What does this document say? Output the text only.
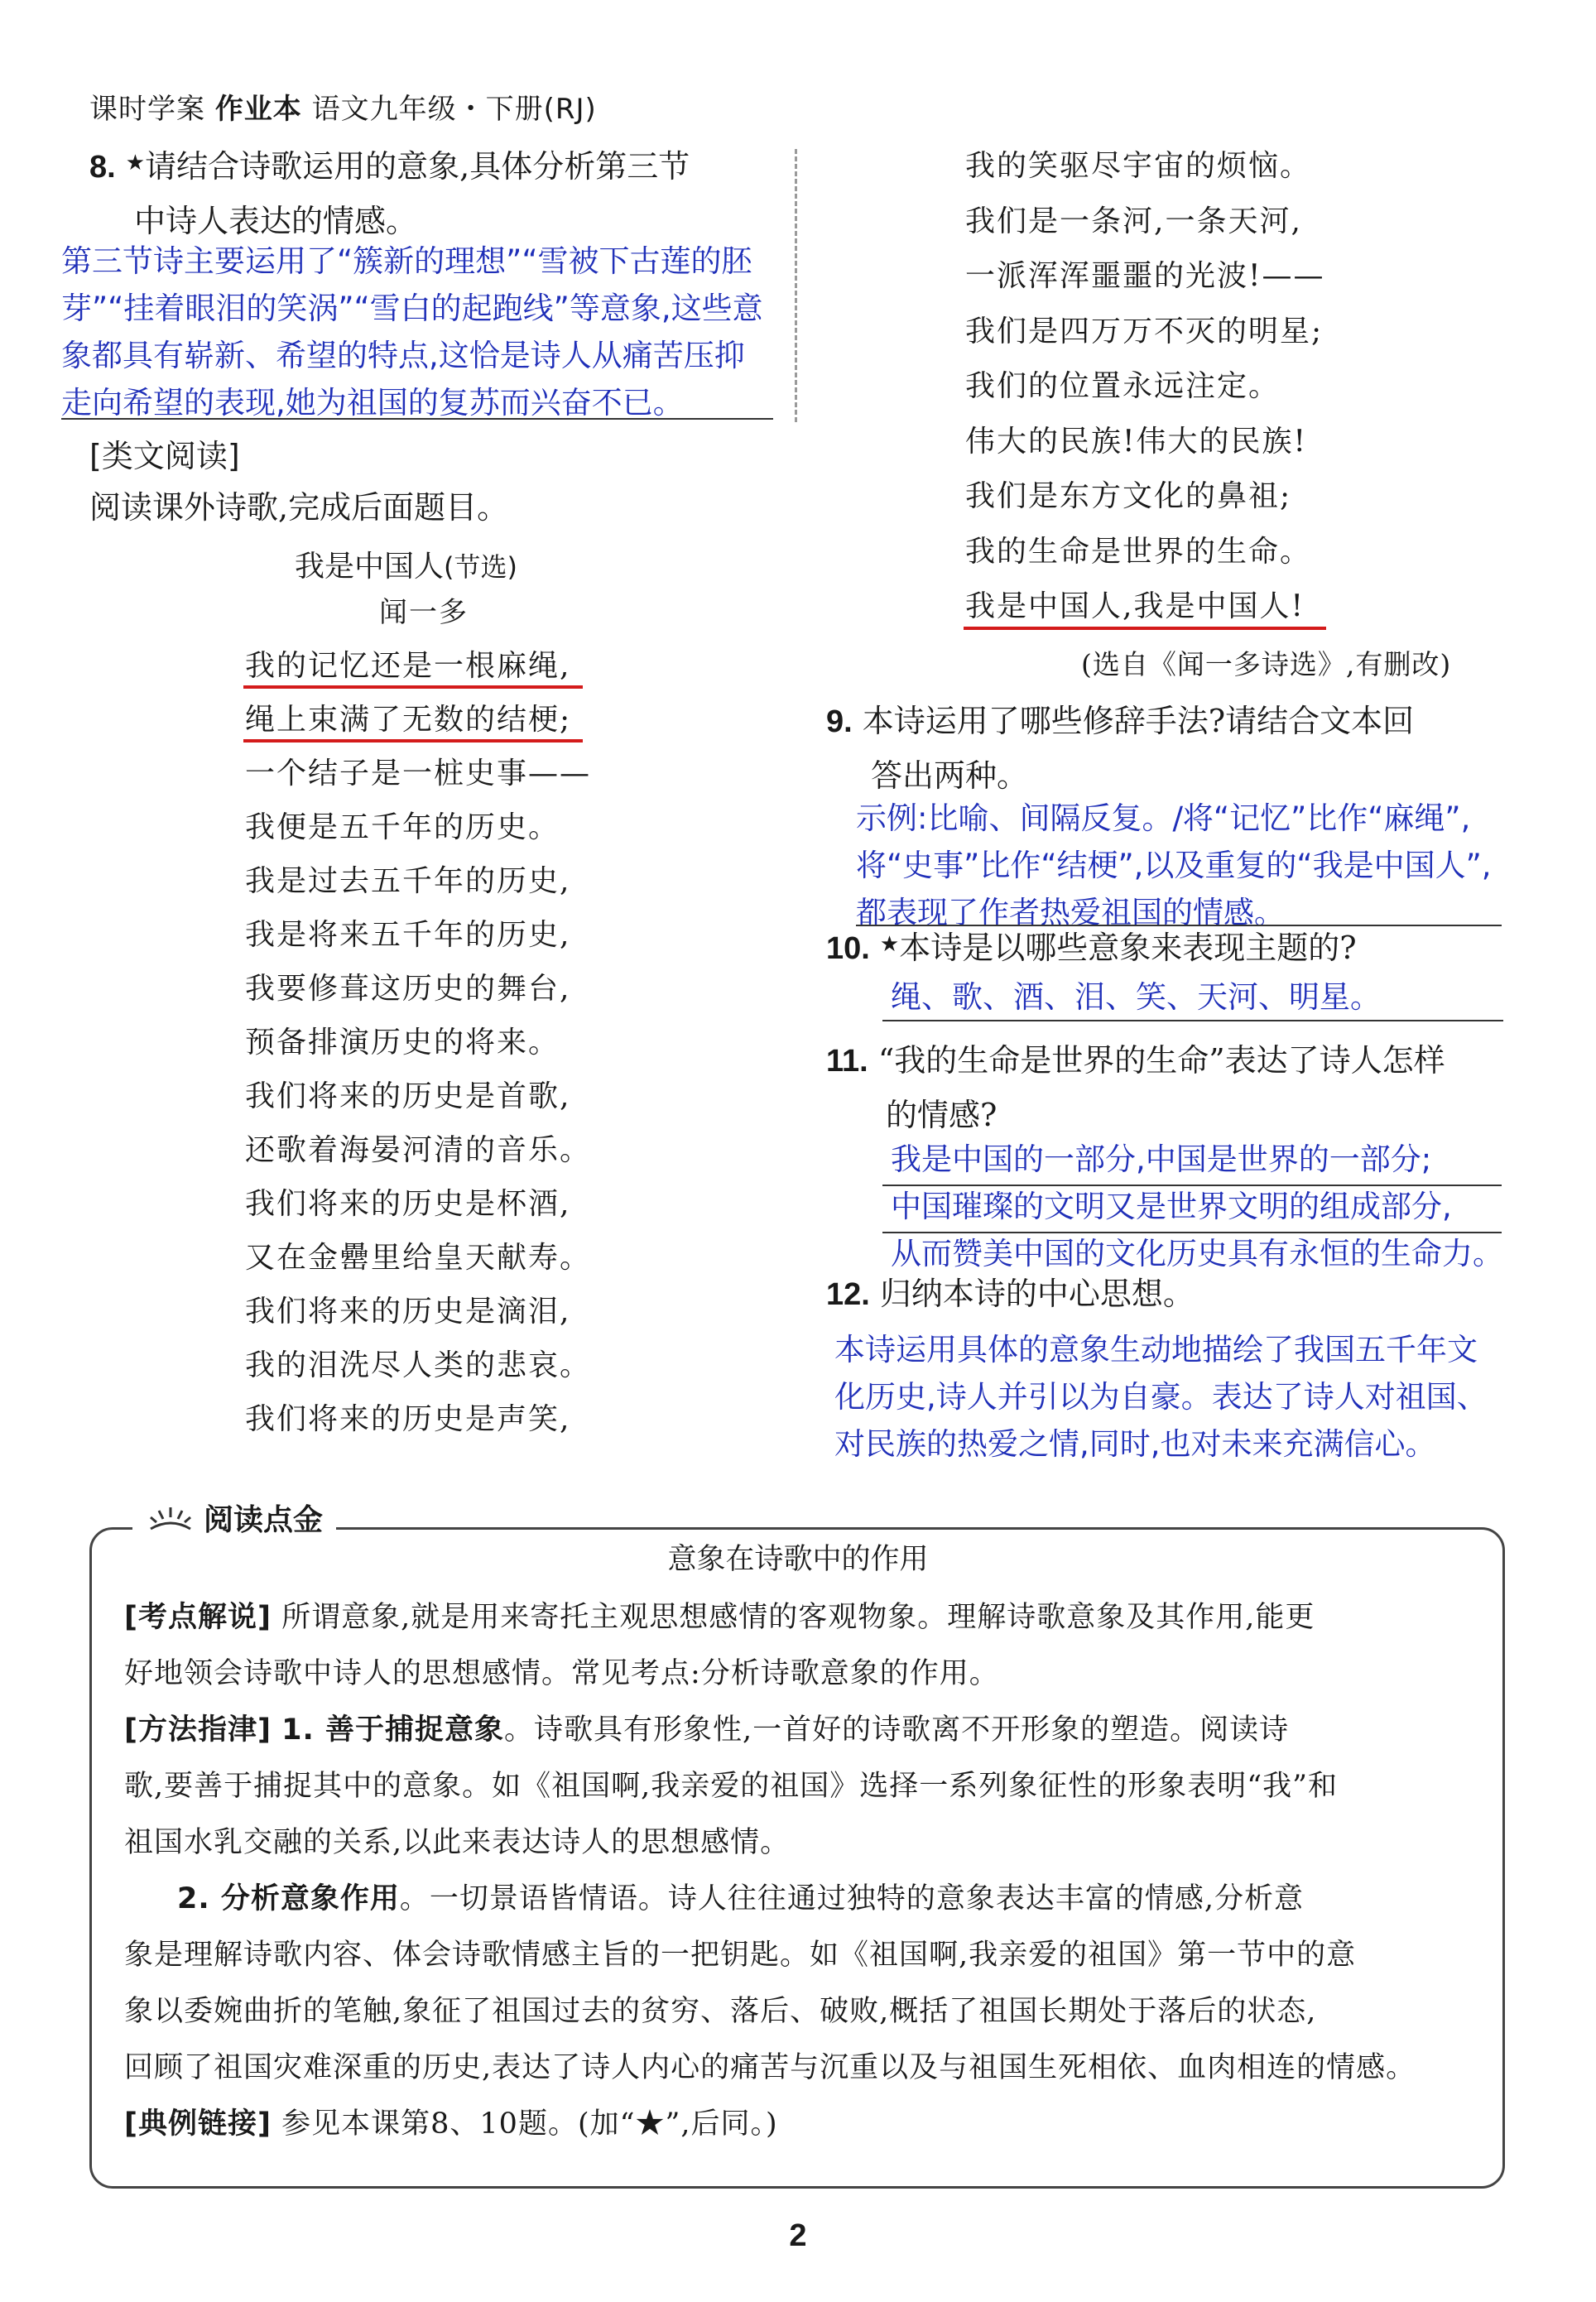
课时学案 作业本 语文九年级・下册(RJ)
8. ★请结合诗歌运用的意象,具体分析第三节
中诗人表达的情感。
第三节诗主要运用了“簇新的理想”“雪被下古莲的胚
芽”“挂着眼泪的笑涡”“雪白的起跑线”等意象,这些意
象都具有崭新、希望的特点,这恰是诗人从痛苦压抑
走向希望的表现,她为祖国的复苏而兴奋不已。
[类文阅读]
阅读课外诗歌,完成后面题目。
我是中国人(节选)
闻一多
我的记忆还是一根麻绳,
绳上束满了无数的结梗;
一个结子是一桩史事——
我便是五千年的历史。
我是过去五千年的历史,
我是将来五千年的历史,
我要修葺这历史的舞台,
预备排演历史的将来。
我们将来的历史是首歌,
还歌着海晏河清的音乐。
我们将来的历史是杯酒,
又在金罍里给皇天献寿。
我们将来的历史是滴泪,
我的泪洗尽人类的悲哀。
我们将来的历史是声笑,
我的笑驱尽宇宙的烦恼。
我们是一条河,一条天河,
一派浑浑噩噩的光波!——
我们是四万万不灭的明星;
我们的位置永远注定。
伟大的民族!伟大的民族!
我们是东方文化的鼻祖;
我的生命是世界的生命。
我是中国人,我是中国人!
(选自《闻一多诗选》,有删改)
9. 本诗运用了哪些修辞手法?请结合文本回
答出两种。
示例:比喻、间隔反复。/将“记忆”比作“麻绳”,
将“史事”比作“结梗”,以及重复的“我是中国人”,
都表现了作者热爱祖国的情感。
10. ★本诗是以哪些意象来表现主题的?
绳、歌、酒、泪、笑、天河、明星。
11. “我的生命是世界的生命”表达了诗人怎样
的情感?
我是中国的一部分,中国是世界的一部分;
中国璀璨的文明又是世界文明的组成部分,
从而赞美中国的文化历史具有永恒的生命力。
12. 归纳本诗的中心思想。
本诗运用具体的意象生动地描绘了我国五千年文
化历史,诗人并引以为自豪。表达了诗人对祖国、
对民族的热爱之情,同时,也对未来充满信心。
阅读点金
意象在诗歌中的作用
[考点解说] 所谓意象,就是用来寄托主观思想感情的客观物象。理解诗歌意象及其作用,能更
好地领会诗歌中诗人的思想感情。常见考点:分析诗歌意象的作用。
[方法指津] 1. 善于捕捉意象。诗歌具有形象性,一首好的诗歌离不开形象的塑造。阅读诗
歌,要善于捕捉其中的意象。如《祖国啊,我亲爱的祖国》选择一系列象征性的形象表明“我”和
祖国水乳交融的关系,以此来表达诗人的思想感情。
2. 分析意象作用。一切景语皆情语。诗人往往通过独特的意象表达丰富的情感,分析意
象是理解诗歌内容、体会诗歌情感主旨的一把钥匙。如《祖国啊,我亲爱的祖国》第一节中的意
象以委婉曲折的笔触,象征了祖国过去的贫穷、落后、破败,概括了祖国长期处于落后的状态,
回顾了祖国灾难深重的历史,表达了诗人内心的痛苦与沉重以及与祖国生死相依、血肉相连的情感。
[典例链接] 参见本课第8、10题。(加“★”,后同。)
2
